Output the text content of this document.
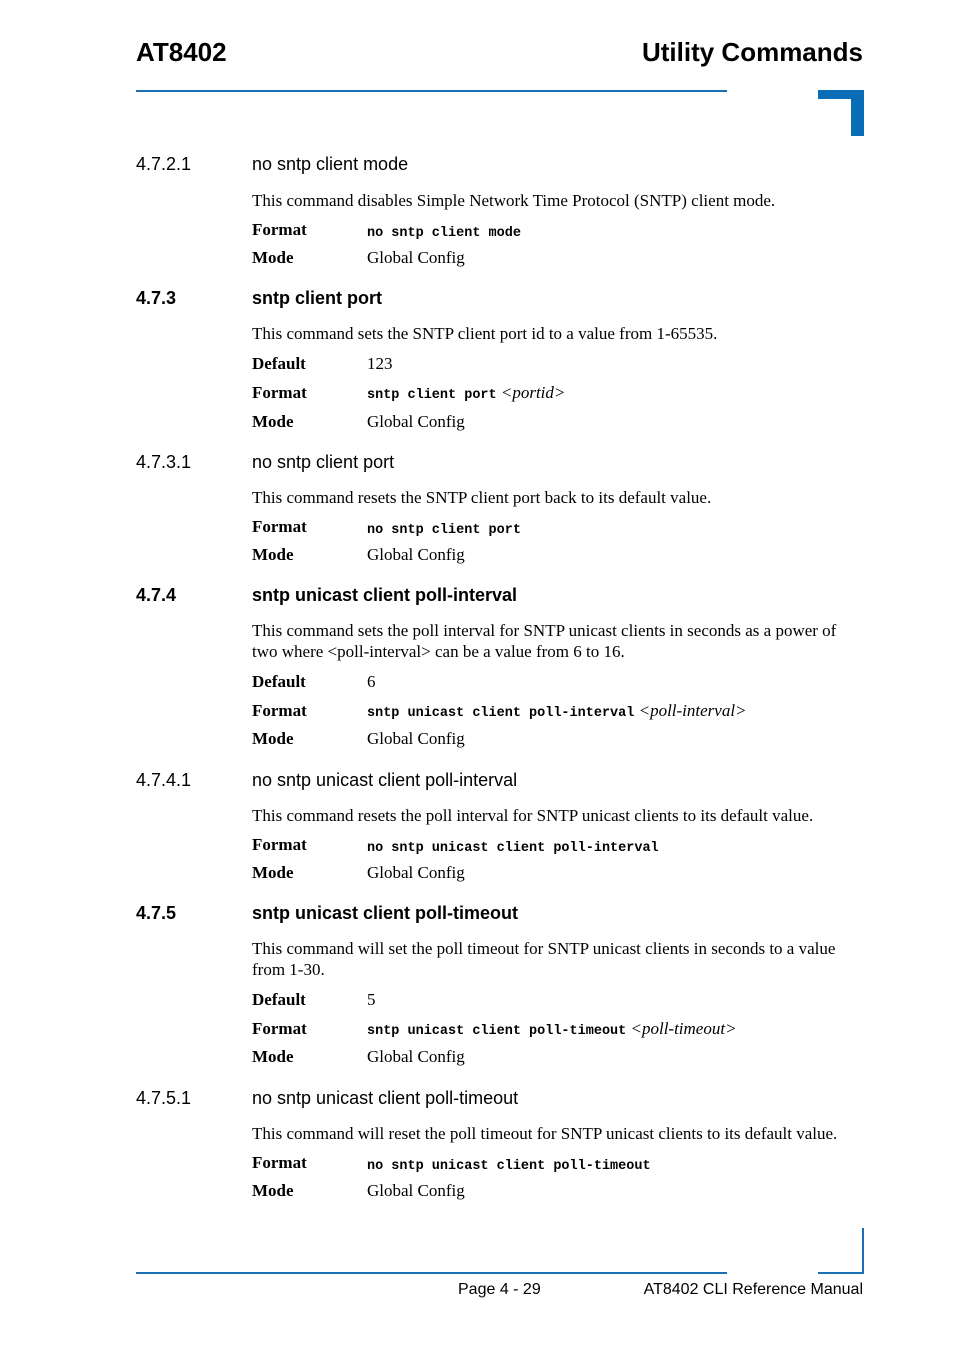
AT8402	Utility Commands
4.7.2.1	no sntp client mode
This command disables Simple Network Time Protocol (SNTP) client mode.
Format	no sntp client mode
Mode	Global Config
4.7.3	sntp client port
This command sets the SNTP client port id to a value from 1-65535.
Default	123
Format	sntp client port <portid>
Mode	Global Config
4.7.3.1	no sntp client port
This command resets the SNTP client port back to its default value.
Format	no sntp client port
Mode	Global Config
4.7.4	sntp unicast client poll-interval
This command sets the poll interval for SNTP unicast clients in seconds as a power of two where <poll-interval> can be a value from 6 to 16.
Default	6
Format	sntp unicast client poll-interval <poll-interval>
Mode	Global Config
4.7.4.1	no sntp unicast client poll-interval
This command resets the poll interval for SNTP unicast clients to its default value.
Format	no sntp unicast client poll-interval
Mode	Global Config
4.7.5	sntp unicast client poll-timeout
This command will set the poll timeout for SNTP unicast clients in seconds to a value from 1-30.
Default	5
Format	sntp unicast client poll-timeout <poll-timeout>
Mode	Global Config
4.7.5.1	no sntp unicast client poll-timeout
This command will reset the poll timeout for SNTP unicast clients to its default value.
Format	no sntp unicast client poll-timeout
Mode	Global Config
Page 4 - 29	AT8402 CLI Reference Manual
